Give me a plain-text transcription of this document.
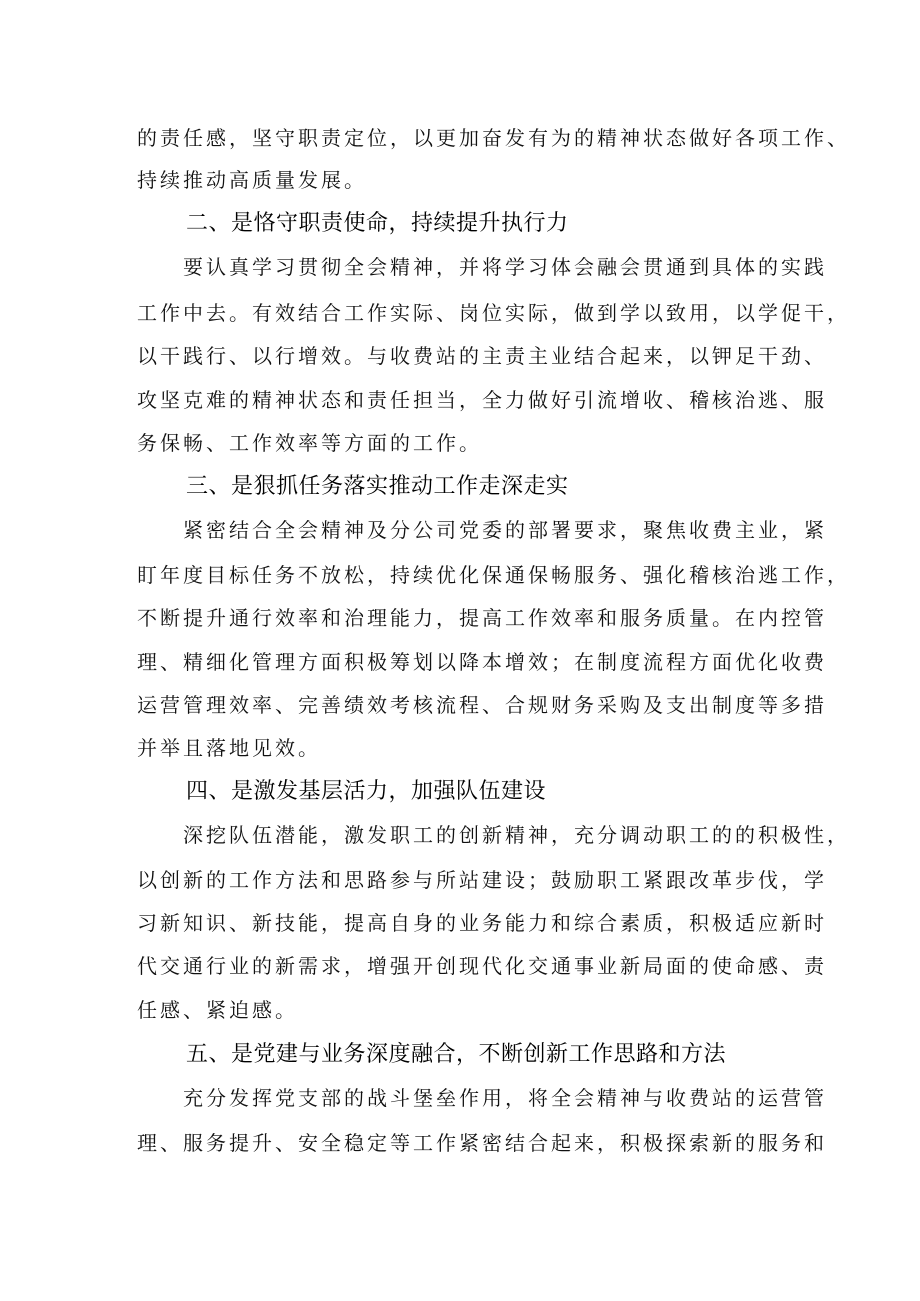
的责任感，坚守职责定位，以更加奋发有为的精神状态做好各项工作、
持续推动高质量发展。
二、是恪守职责使命，持续提升执行力
要认真学习贯彻全会精神，并将学习体会融会贯通到具体的实践
工作中去。有效结合工作实际、岗位实际，做到学以致用，以学促干，
以干践行、以行增效。与收费站的主责主业结合起来，以钾足干劲、
攻坚克难的精神状态和责任担当，全力做好引流增收、稽核治逃、服
务保畅、工作效率等方面的工作。
三、是狠抓任务落实推动工作走深走实
紧密结合全会精神及分公司党委的部署要求，聚焦收费主业，紧
盯年度目标任务不放松，持续优化保通保畅服务、强化稽核治逃工作，
不断提升通行效率和治理能力，提高工作效率和服务质量。在内控管
理、精细化管理方面积极筹划以降本增效；在制度流程方面优化收费
运营管理效率、完善绩效考核流程、合规财务采购及支出制度等多措
并举且落地见效。
四、是激发基层活力，加强队伍建设
深挖队伍潜能，激发职工的创新精神，充分调动职工的的积极性，
以创新的工作方法和思路参与所站建设；鼓励职工紧跟改革步伐，学
习新知识、新技能，提高自身的业务能力和综合素质，积极适应新时
代交通行业的新需求，增强开创现代化交通事业新局面的使命感、责
任感、紧迫感。
五、是党建与业务深度融合，不断创新工作思路和方法
充分发挥党支部的战斗堡垒作用，将全会精神与收费站的运营管
理、服务提升、安全稳定等工作紧密结合起来，积极探索新的服务和
